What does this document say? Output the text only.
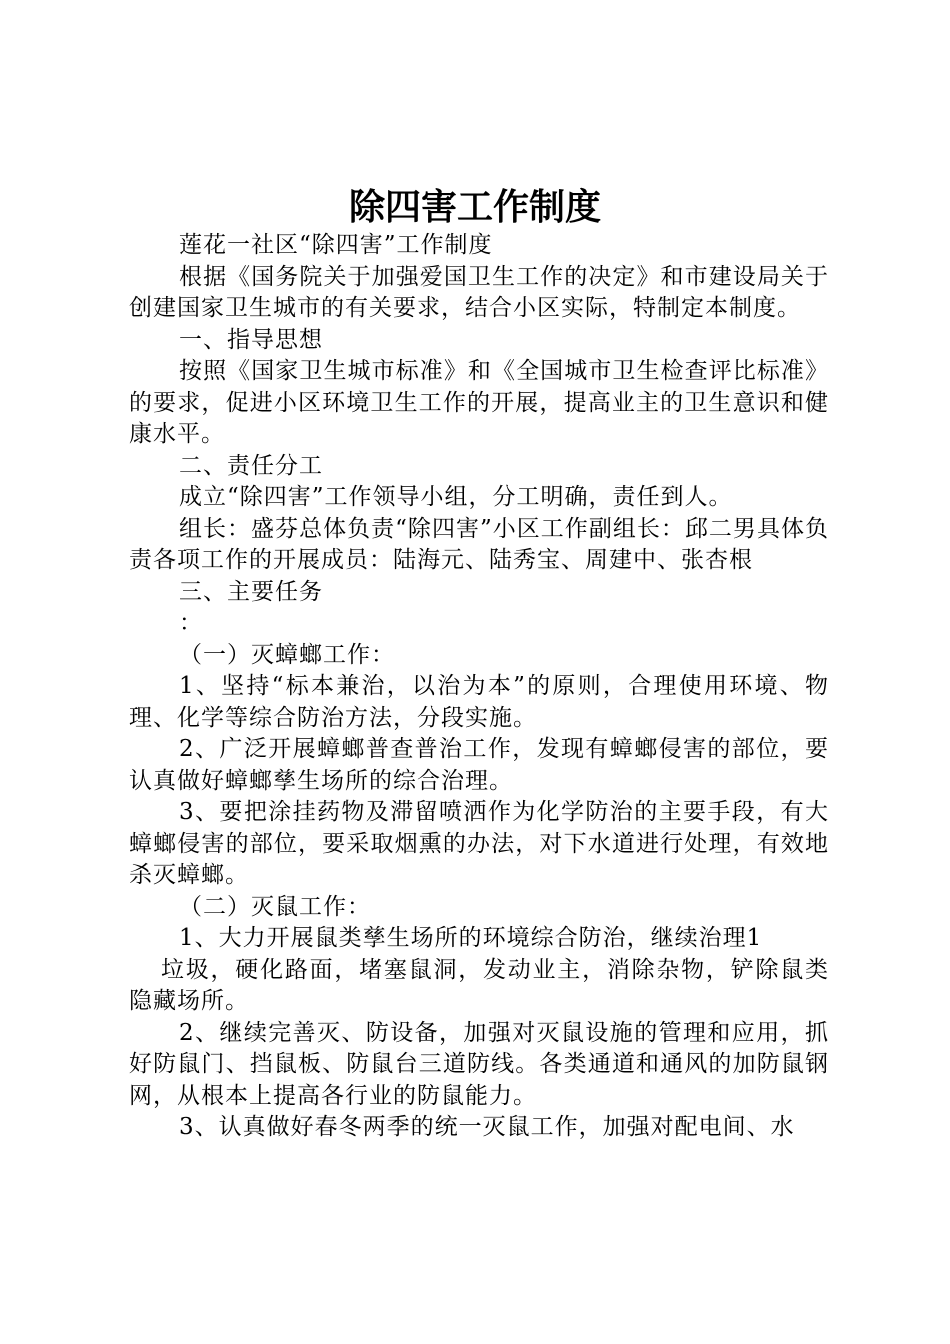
除四害工作制度

莲花一社区“除四害”工作制度

根据《国务院关于加强爱国卫生工作的决定》和市建设局关于创建国家卫生城市的有关要求，结合小区实际，特制定本制度。

一、指导思想

按照《国家卫生城市标准》和《全国城市卫生检查评比标准》的要求，促进小区环境卫生工作的开展，提高业主的卫生意识和健康水平。

二、责任分工

成立“除四害”工作领导小组，分工明确，责任到人。

组长：盛芬总体负责“除四害”小区工作副组长：邱二男具体负责各项工作的开展成员：陆海元、陆秀宝、周建中、张杏根

三、主要任务

：

（一）灭蟑螂工作：

1、坚持“标本兼治，以治为本”的原则，合理使用环境、物理、化学等综合防治方法，分段实施。

2、广泛开展蟑螂普查普治工作，发现有蟑螂侵害的部位，要认真做好蟑螂孳生场所的综合治理。

3、要把涂挂药物及滞留喷洒作为化学防治的主要手段，有大蟑螂侵害的部位，要采取烟熏的办法，对下水道进行处理，有效地杀灭蟑螂。

（二）灭鼠工作：

1、大力开展鼠类孳生场所的环境综合防治，继续治理1

垃圾，硬化路面，堵塞鼠洞，发动业主，消除杂物，铲除鼠类隐藏场所。

2、继续完善灭、防设备，加强对灭鼠设施的管理和应用，抓好防鼠门、挡鼠板、防鼠台三道防线。各类通道和通风的加防鼠钢网，从根本上提高各行业的防鼠能力。

3、认真做好春冬两季的统一灭鼠工作，加强对配电间、水
